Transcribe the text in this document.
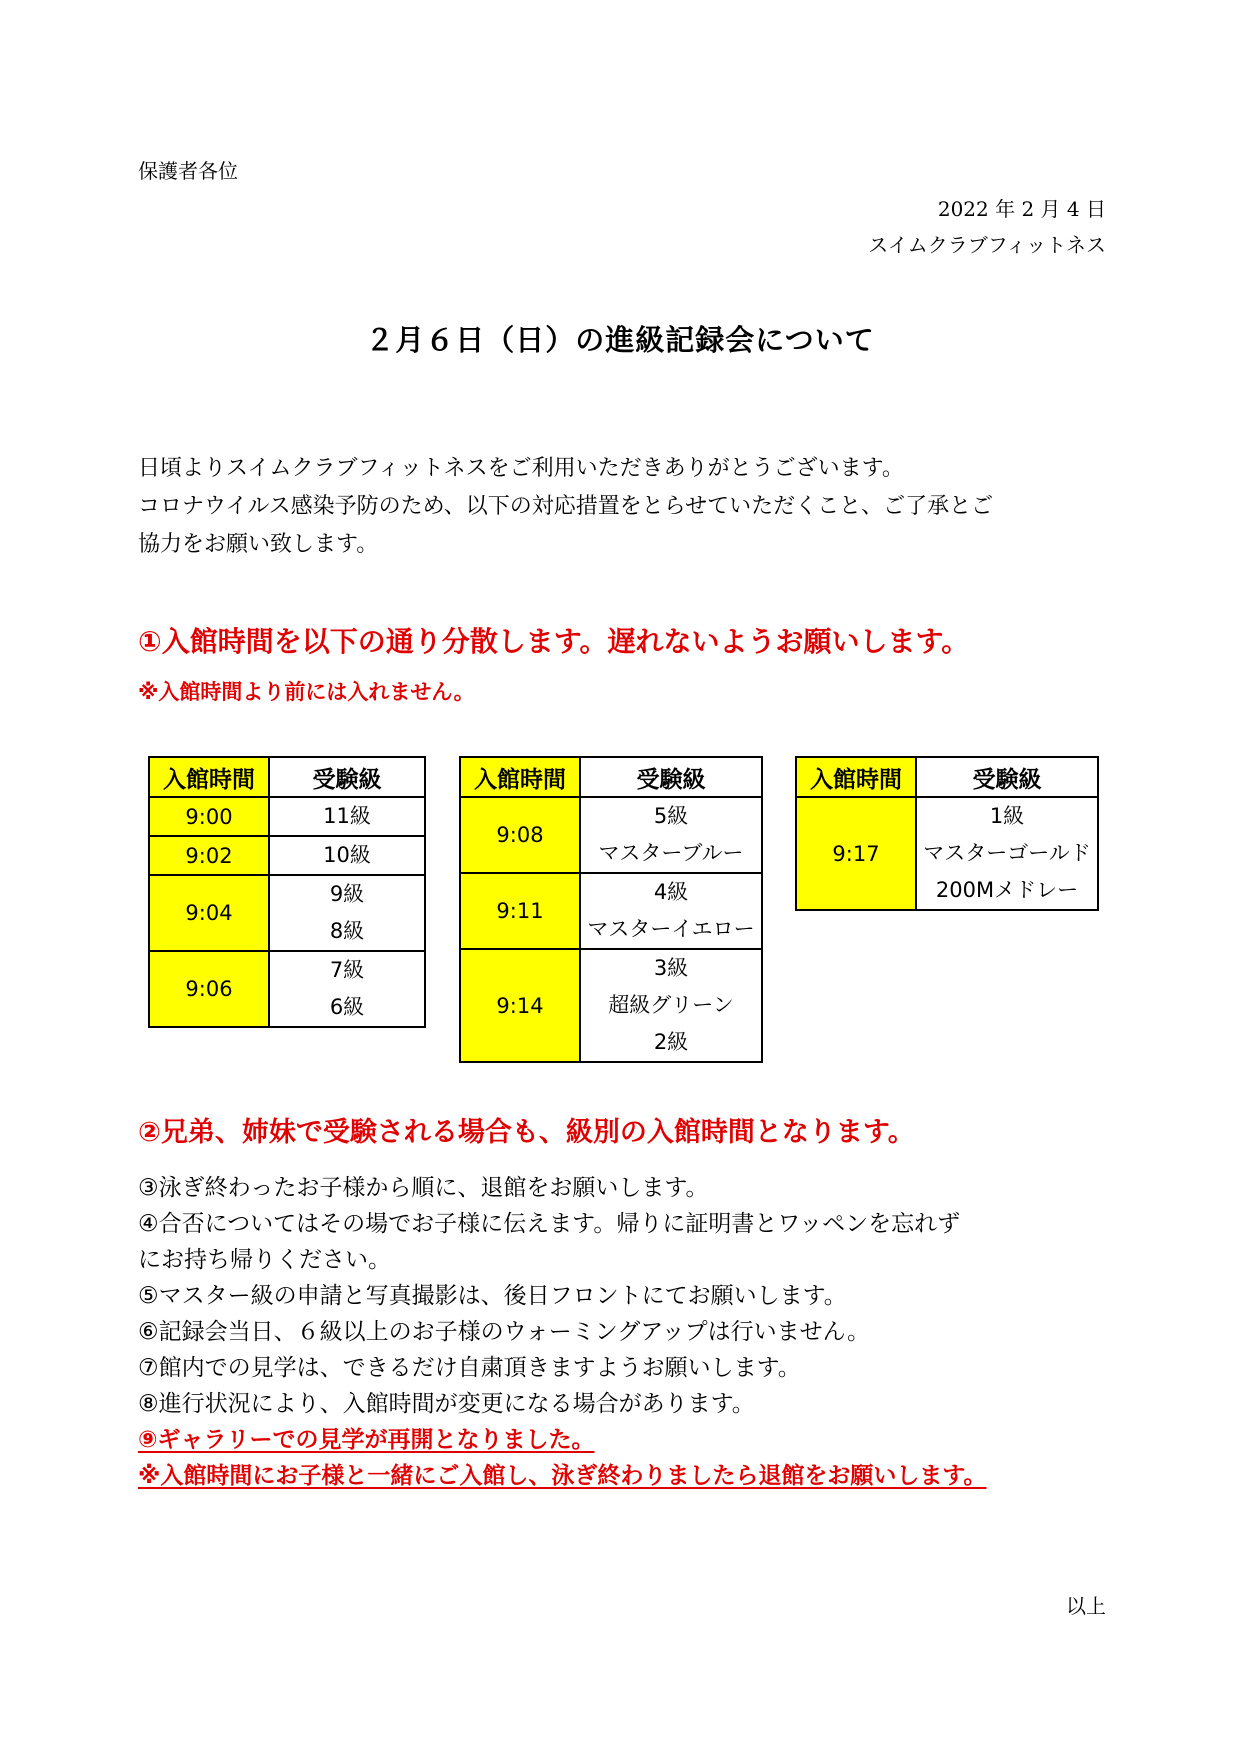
保護者各位
2022 年 2 月 4 日
スイムクラブフィットネス
２月６日（日）の進級記録会について

日頃よりスイムクラブフィットネスをご利用いただきありがとうございます。

コロナウイルス感染予防のため、以下の対応措置をとらせていただくこと、ご了承とご

協力をお願い致します。

①入館時間を以下の通り分散します。遅れないようお願いします。
※入館時間より前には入れません。
入館時間	受験級
9:00	11級

9:02	10級

9:04	9級
8級

9:06	7級
6級
入館時間	受験級
9:08	5級
マスターブルー

9:11	4級
マスターイエロー

9:14	3級
超級グリーン
2級
入館時間	受験級
9:17	1級
マスターゴールド
200Mメドレー
②兄弟、姉妹で受験される場合も、級別の入館時間となります。
③泳ぎ終わったお子様から順に、退館をお願いします。
④合否についてはその場でお子様に伝えます。帰りに証明書とワッペンを忘れず
にお持ち帰りください。
⑤マスター級の申請と写真撮影は、後日フロントにてお願いします。
⑥記録会当日、６級以上のお子様のウォーミングアップは行いません。
⑦館内での見学は、できるだけ自粛頂きますようお願いします。
⑧進行状況により、入館時間が変更になる場合があります。
⑨ギャラリーでの見学が再開となりました。
※入館時間にお子様と一緒にご入館し、泳ぎ終わりましたら退館をお願いします。
以上
